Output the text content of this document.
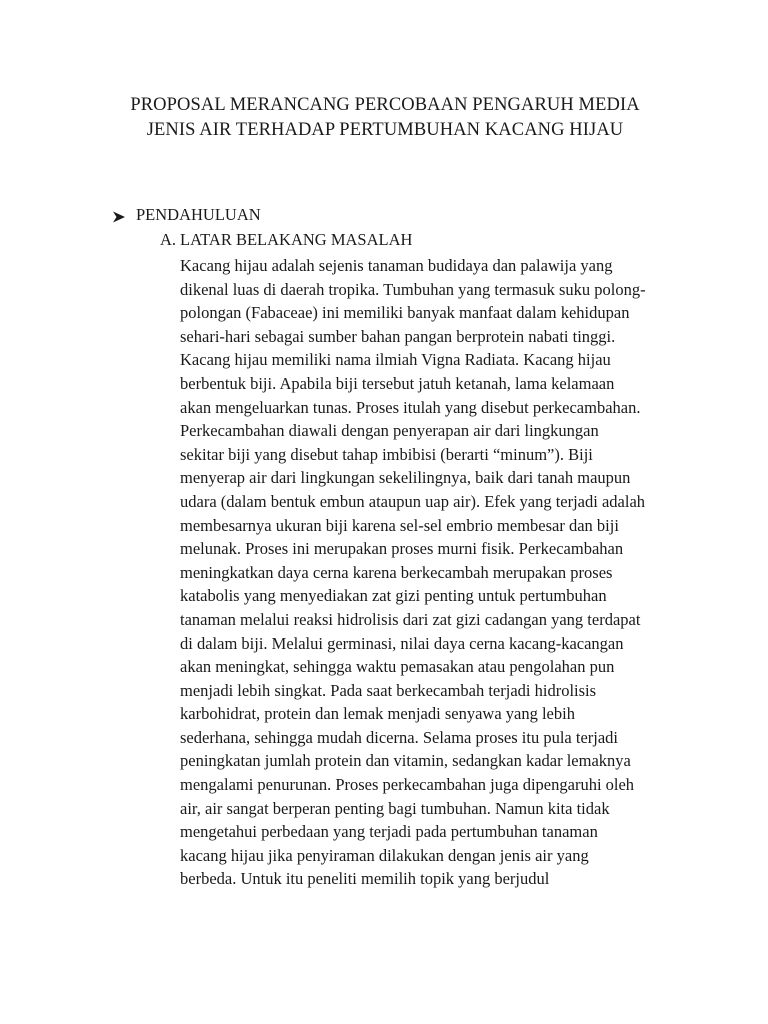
PROPOSAL MERANCANG PERCOBAAN PENGARUH MEDIA
JENIS AIR TERHADAP PERTUMBUHAN KACANG HIJAU
PENDAHULUAN
A. LATAR BELAKANG MASALAH
Kacang hijau adalah sejenis tanaman budidaya dan palawija yang
dikenal luas di daerah tropika. Tumbuhan yang termasuk suku polong-
polongan (Fabaceae) ini memiliki banyak manfaat dalam kehidupan
sehari-hari sebagai sumber bahan pangan berprotein nabati tinggi.
Kacang hijau memiliki nama ilmiah Vigna Radiata. Kacang hijau
berbentuk biji. Apabila biji tersebut jatuh ketanah, lama kelamaan
akan mengeluarkan tunas. Proses itulah yang disebut perkecambahan.
Perkecambahan diawali dengan penyerapan air dari lingkungan
sekitar biji yang disebut tahap imbibisi (berarti “minum”). Biji
menyerap air dari lingkungan sekelilingnya, baik dari tanah maupun
udara (dalam bentuk embun ataupun uap air). Efek yang terjadi adalah
membesarnya ukuran biji karena sel-sel embrio membesar dan biji
melunak. Proses ini merupakan proses murni fisik. Perkecambahan
meningkatkan daya cerna karena berkecambah merupakan proses
katabolis yang menyediakan zat gizi penting untuk pertumbuhan
tanaman melalui reaksi hidrolisis dari zat gizi cadangan yang terdapat
di dalam biji. Melalui germinasi, nilai daya cerna kacang-kacangan
akan meningkat, sehingga waktu pemasakan atau pengolahan pun
menjadi lebih singkat. Pada saat berkecambah terjadi hidrolisis
karbohidrat, protein dan lemak menjadi senyawa yang lebih
sederhana, sehingga mudah dicerna. Selama proses itu pula terjadi
peningkatan jumlah protein dan vitamin, sedangkan kadar lemaknya
mengalami penurunan. Proses perkecambahan juga dipengaruhi oleh
air, air sangat berperan penting bagi tumbuhan. Namun kita tidak
mengetahui perbedaan yang terjadi pada pertumbuhan tanaman
kacang hijau jika penyiraman dilakukan dengan jenis air yang
berbeda. Untuk itu peneliti memilih topik yang berjudul
